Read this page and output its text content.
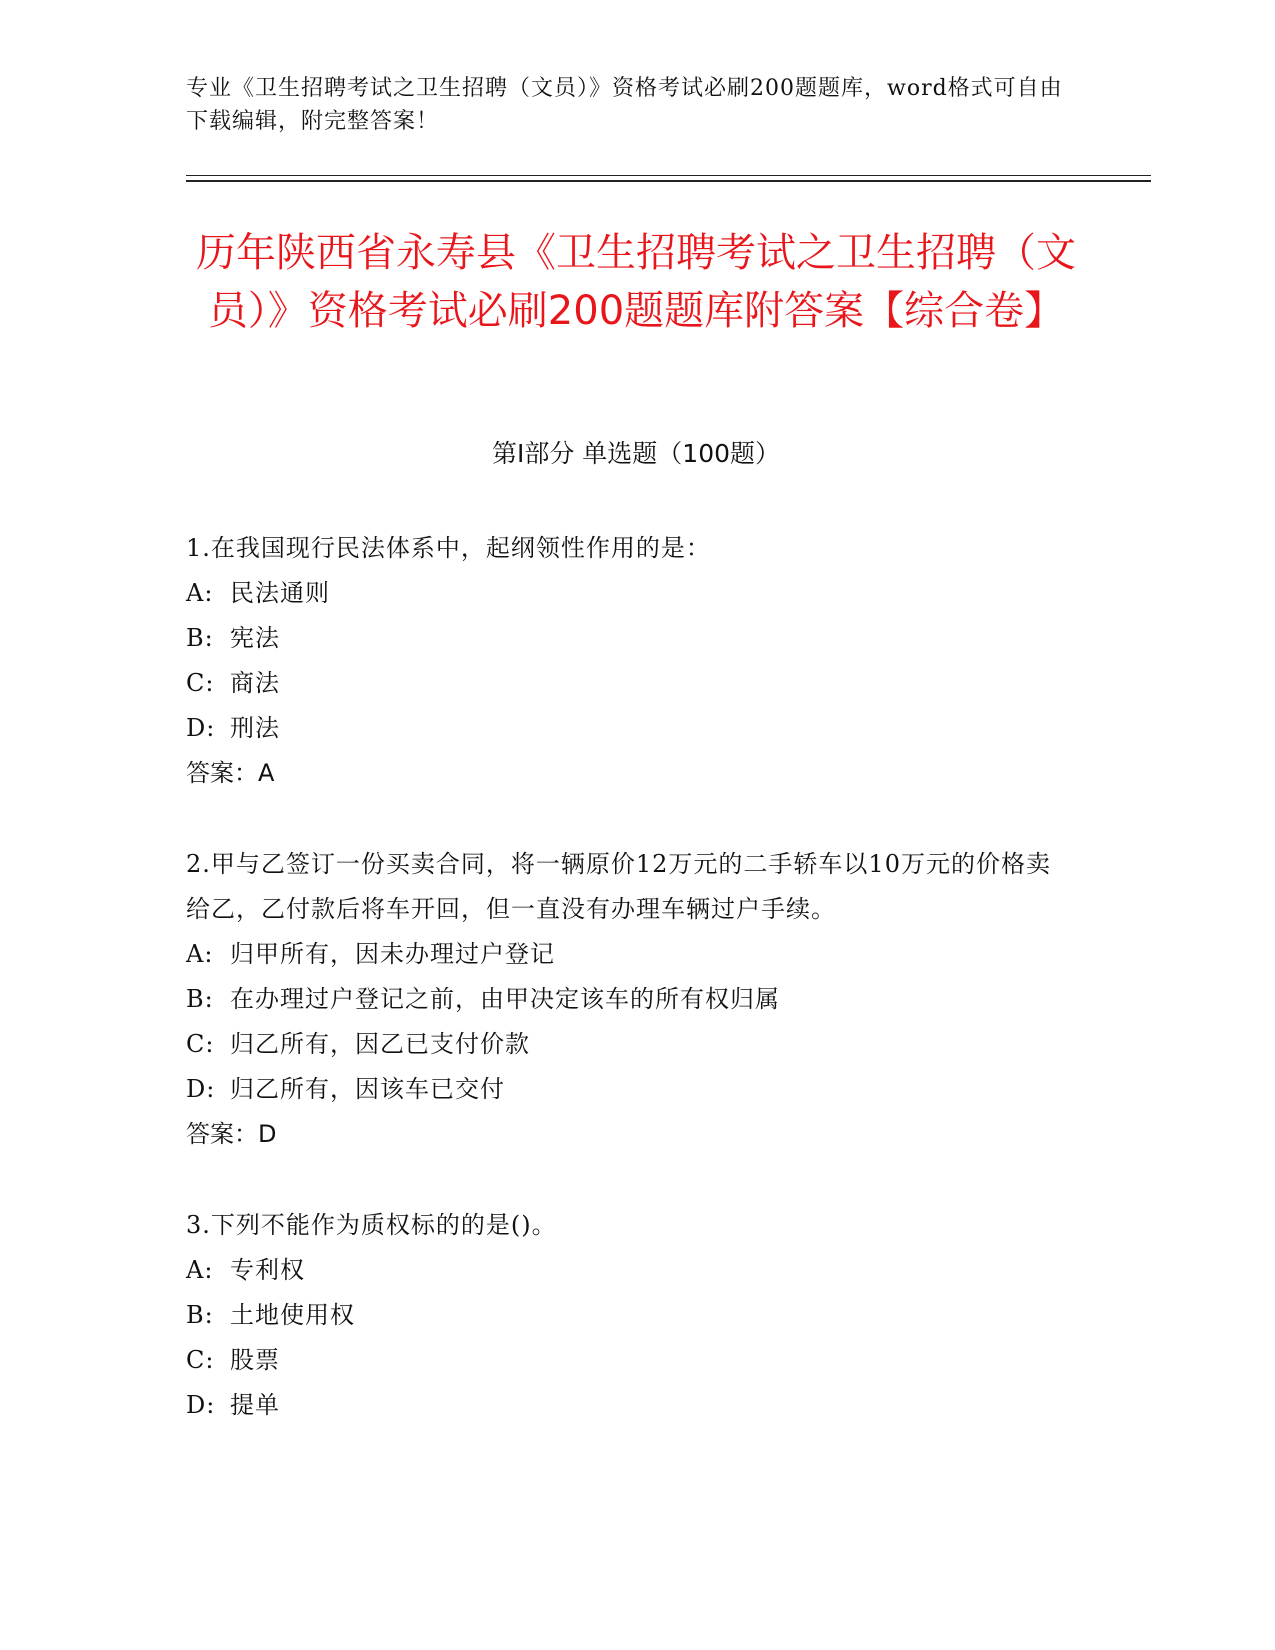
专业《卫生招聘考试之卫生招聘（文员）》资格考试必刷200题题库，word格式可自由下载编辑，附完整答案！
历年陕西省永寿县《卫生招聘考试之卫生招聘（文员）》资格考试必刷200题题库附答案【综合卷】
第Ⅰ部分 单选题（100题）
1.在我国现行民法体系中，起纲领性作用的是：
A: 民法通则
B: 宪法
C: 商法
D: 刑法
答案：A
2.甲与乙签订一份买卖合同，将一辆原价12万元的二手轿车以10万元的价格卖给乙，乙付款后将车开回，但一直没有办理车辆过户手续。
A: 归甲所有，因未办理过户登记
B: 在办理过户登记之前，由甲决定该车的所有权归属
C: 归乙所有，因乙已支付价款
D: 归乙所有，因该车已交付
答案：D
3.下列不能作为质权标的的是()。
A: 专利权
B: 土地使用权
C: 股票
D: 提单
